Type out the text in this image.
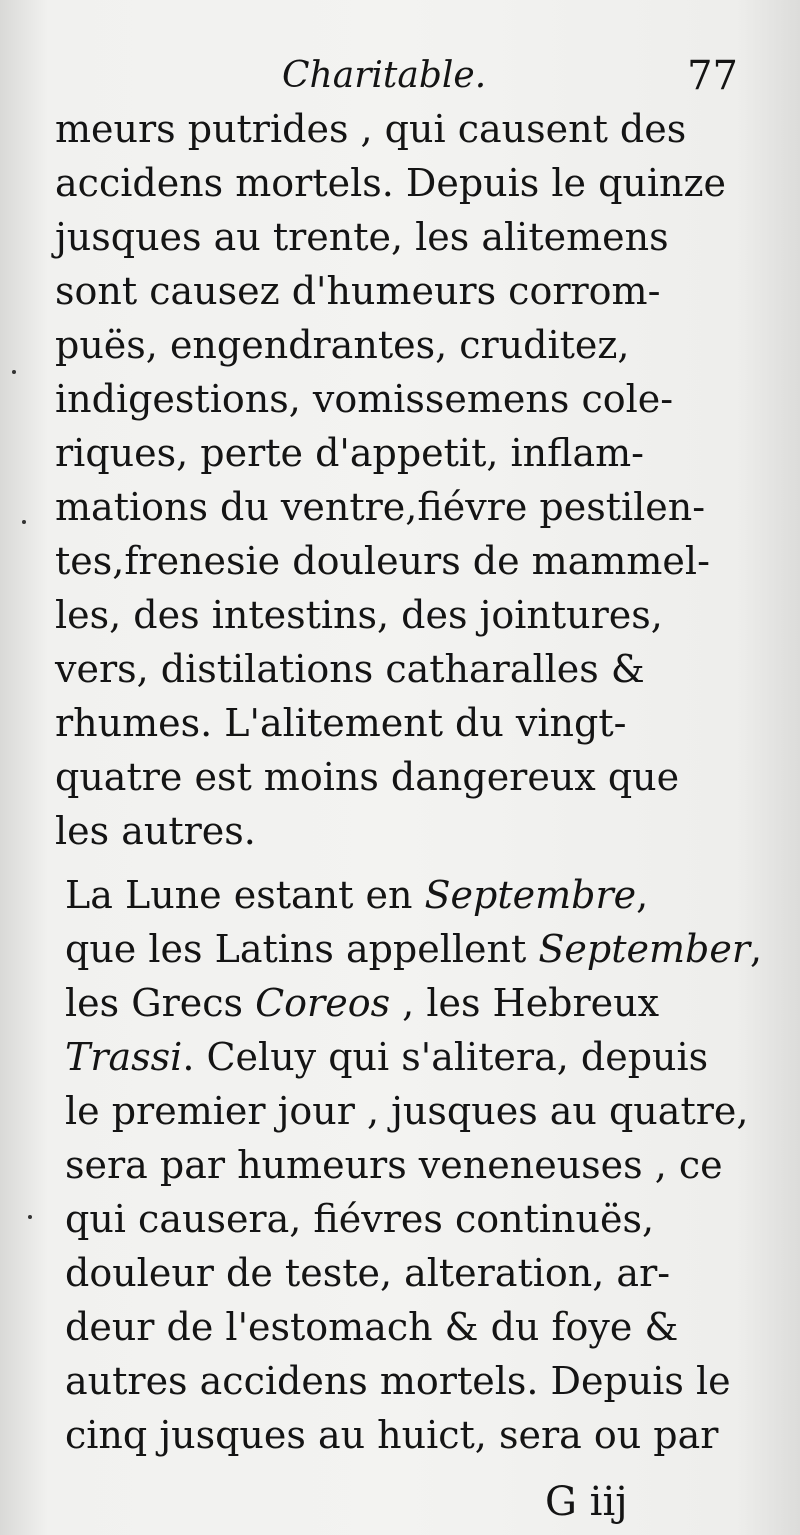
Charitable.	77
meurs putrides , qui causent des
accidens mortels. Depuis le quinze
jusques au trente, les alitemens
sont causez d'humeurs corrom-
puës, engendrantes, cruditez,
indigestions, vomissemens cole-
riques, perte d'appetit, inflam-
mations du ventre,fiévre pestilen-
tes,frenesie douleurs de mammel-
les, des intestins, des jointures,
vers, distilations catharalles &
rhumes. L'alitement du vingt-
quatre est moins dangereux que
les autres.
La Lune estant en Septembre,
que les Latins appellent September,
les Grecs Coreos , les Hebreux
Trassi. Celuy qui s'alitera, depuis
le premier jour , jusques au quatre,
sera par humeurs veneneuses , ce
qui causera, fiévres continuës,
douleur de teste, alteration, ar-
deur de l'estomach & du foye &
autres accidens mortels. Depuis le
cinq jusques au huict, sera ou par
G iij
